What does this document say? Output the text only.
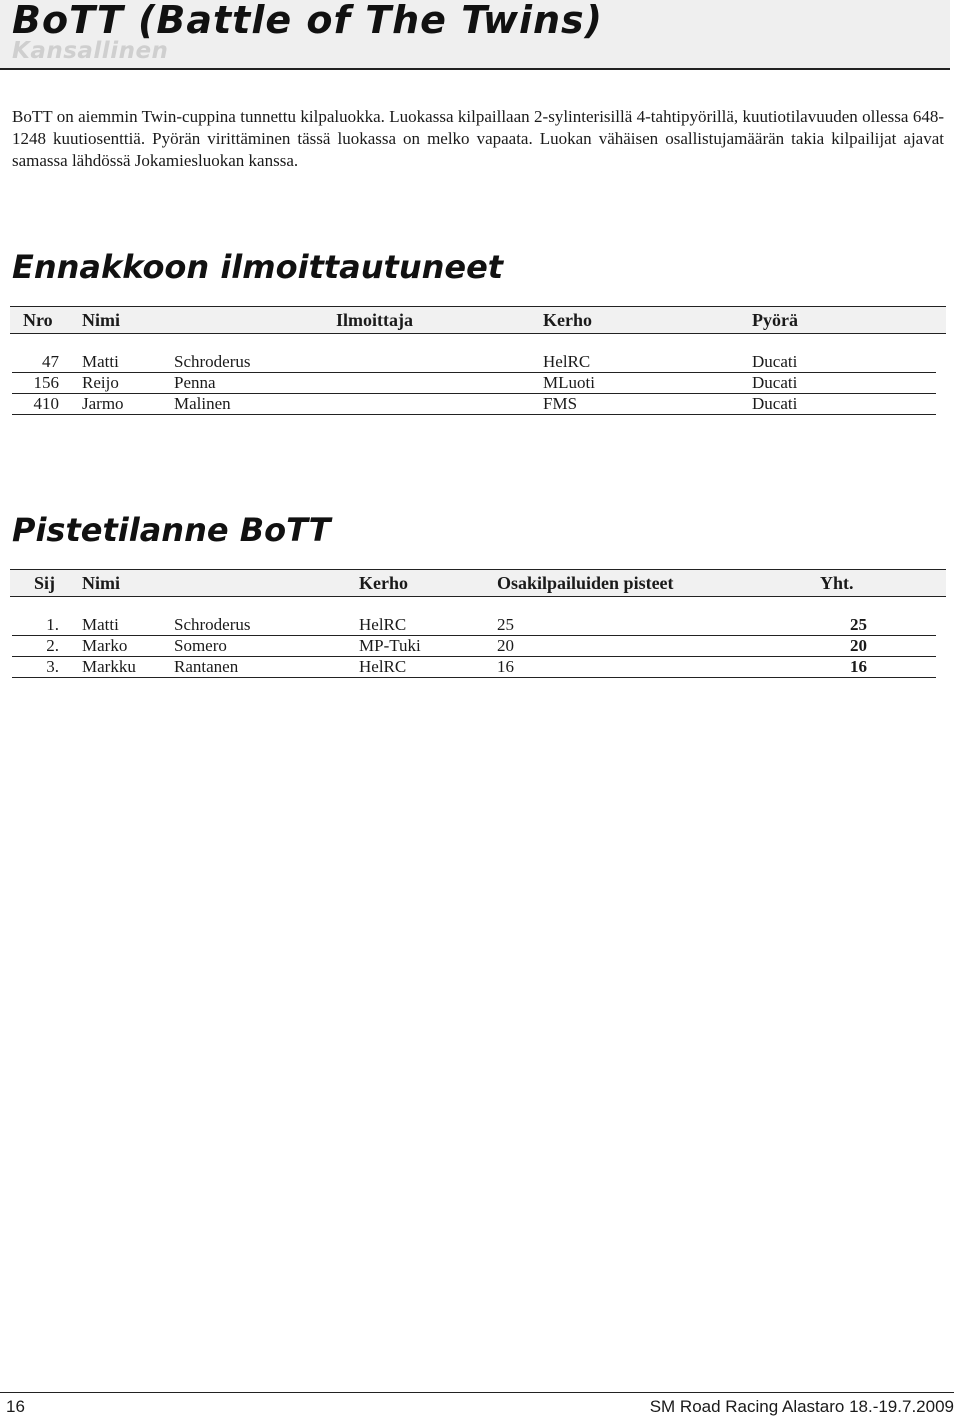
BoTT (Battle of The Twins)
Kansallinen

BoTT on aiemmin Twin-cuppina tunnettu kilpaluokka. Luokassa kilpaillaan 2-sylinterisillä 4-tahtipyörillä, kuutiotilavuuden ollessa 648-1248 kuutiosenttiä. Pyörän virittäminen tässä luokassa on melko vapaata. Luokan vähäisen osallistujamäärän takia kilpailijat ajavat samassa lähdössä Jokamiesluokan kanssa.

Ennakkoon ilmoittautuneet
Nro Nimi	Ilmoittaja	Kerho	Pyörä
47 Matti	Schroderus	HelRC	Ducati
156 Reijo	Penna	MLuoti	Ducati
410 Jarmo	Malinen	FMS	Ducati
Pistetilanne BoTT
Sij Nimi	Kerho	Osakilpailuiden pisteet	Yht.
1. Matti	Schroderus	HelRC	25	25
2. Marko	Somero	MP-Tuki	20	20
3. Markku Rantanen	HelRC	16	16
16	SM Road Racing Alastaro 18.-19.7.2009
